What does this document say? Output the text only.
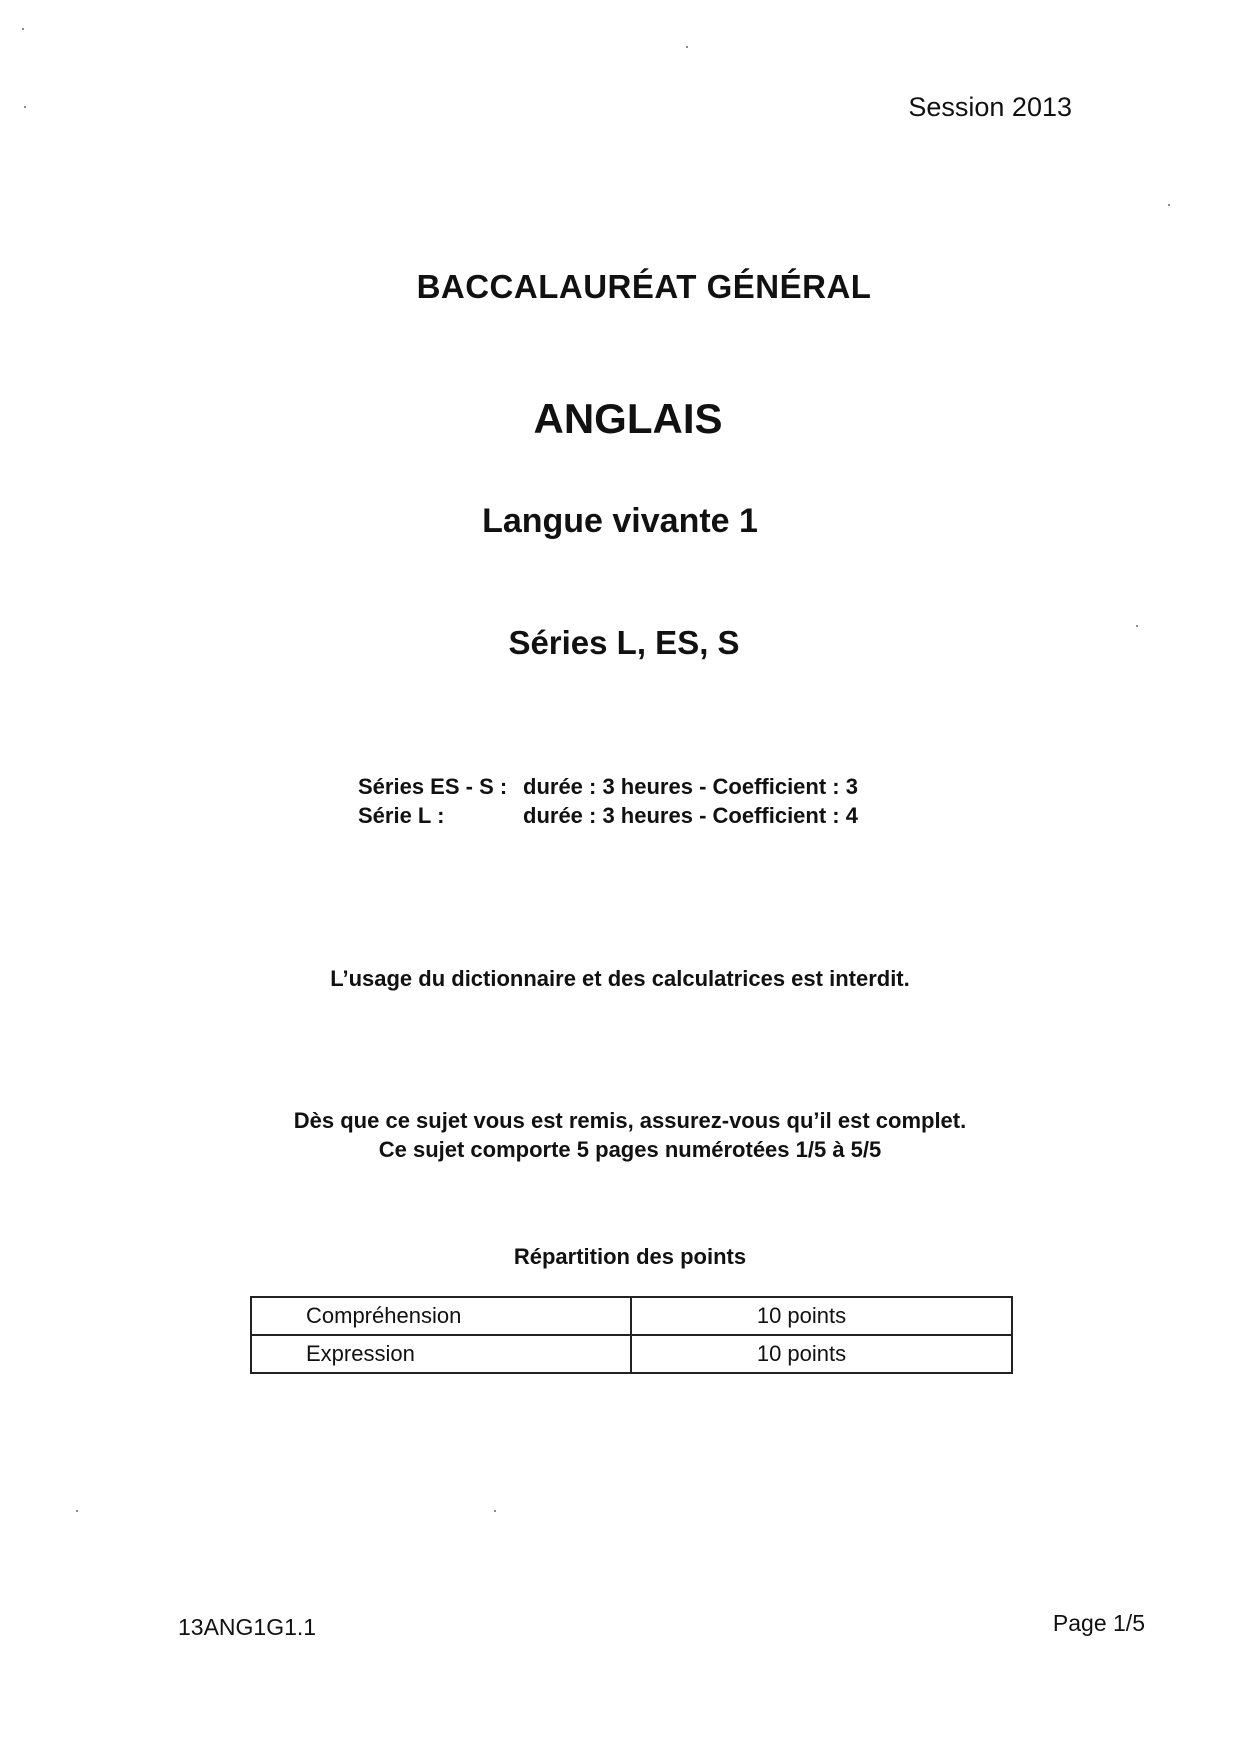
Session 2013
BACCALAURÉAT GÉNÉRAL
ANGLAIS
Langue vivante 1
Séries L, ES, S
Séries ES - S :	durée : 3 heures - Coefficient : 3
Série L :	durée : 3 heures - Coefficient : 4
L’usage du dictionnaire et des calculatrices est interdit.
Dès que ce sujet vous est remis, assurez-vous qu’il est complet.
Ce sujet comporte 5 pages numérotées 1/5 à 5/5
Répartition des points
Compréhension	10 points
Expression	10 points
13ANG1G1.1	Page 1/5
